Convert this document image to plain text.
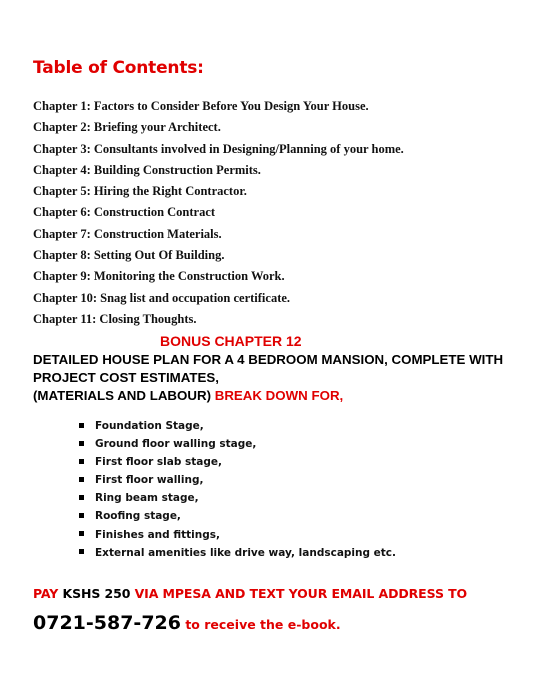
Table of Contents:
Chapter 1: Factors to Consider Before You Design Your House.
Chapter 2: Briefing your Architect.
Chapter 3: Consultants involved in Designing/Planning of your home.
Chapter 4: Building Construction Permits.
Chapter 5: Hiring the Right Contractor.
Chapter 6: Construction Contract
Chapter 7: Construction Materials.
Chapter 8: Setting Out Of Building.
Chapter 9: Monitoring the Construction Work.
Chapter 10: Snag list and occupation certificate.
Chapter 11: Closing Thoughts.
BONUS CHAPTER 12
DETAILED HOUSE PLAN FOR A 4 BEDROOM MANSION, COMPLETE WITH
PROJECT COST ESTIMATES,
(MATERIALS AND LABOUR) BREAK DOWN FOR,
Foundation Stage,
Ground floor walling stage,
First floor slab stage,
First floor walling,
Ring beam stage,
Roofing stage,
Finishes and fittings,
External amenities like drive way, landscaping etc.
PAY KSHS 250 VIA MPESA AND TEXT YOUR EMAIL ADDRESS TO
0721-587-726 to receive the e-book.
